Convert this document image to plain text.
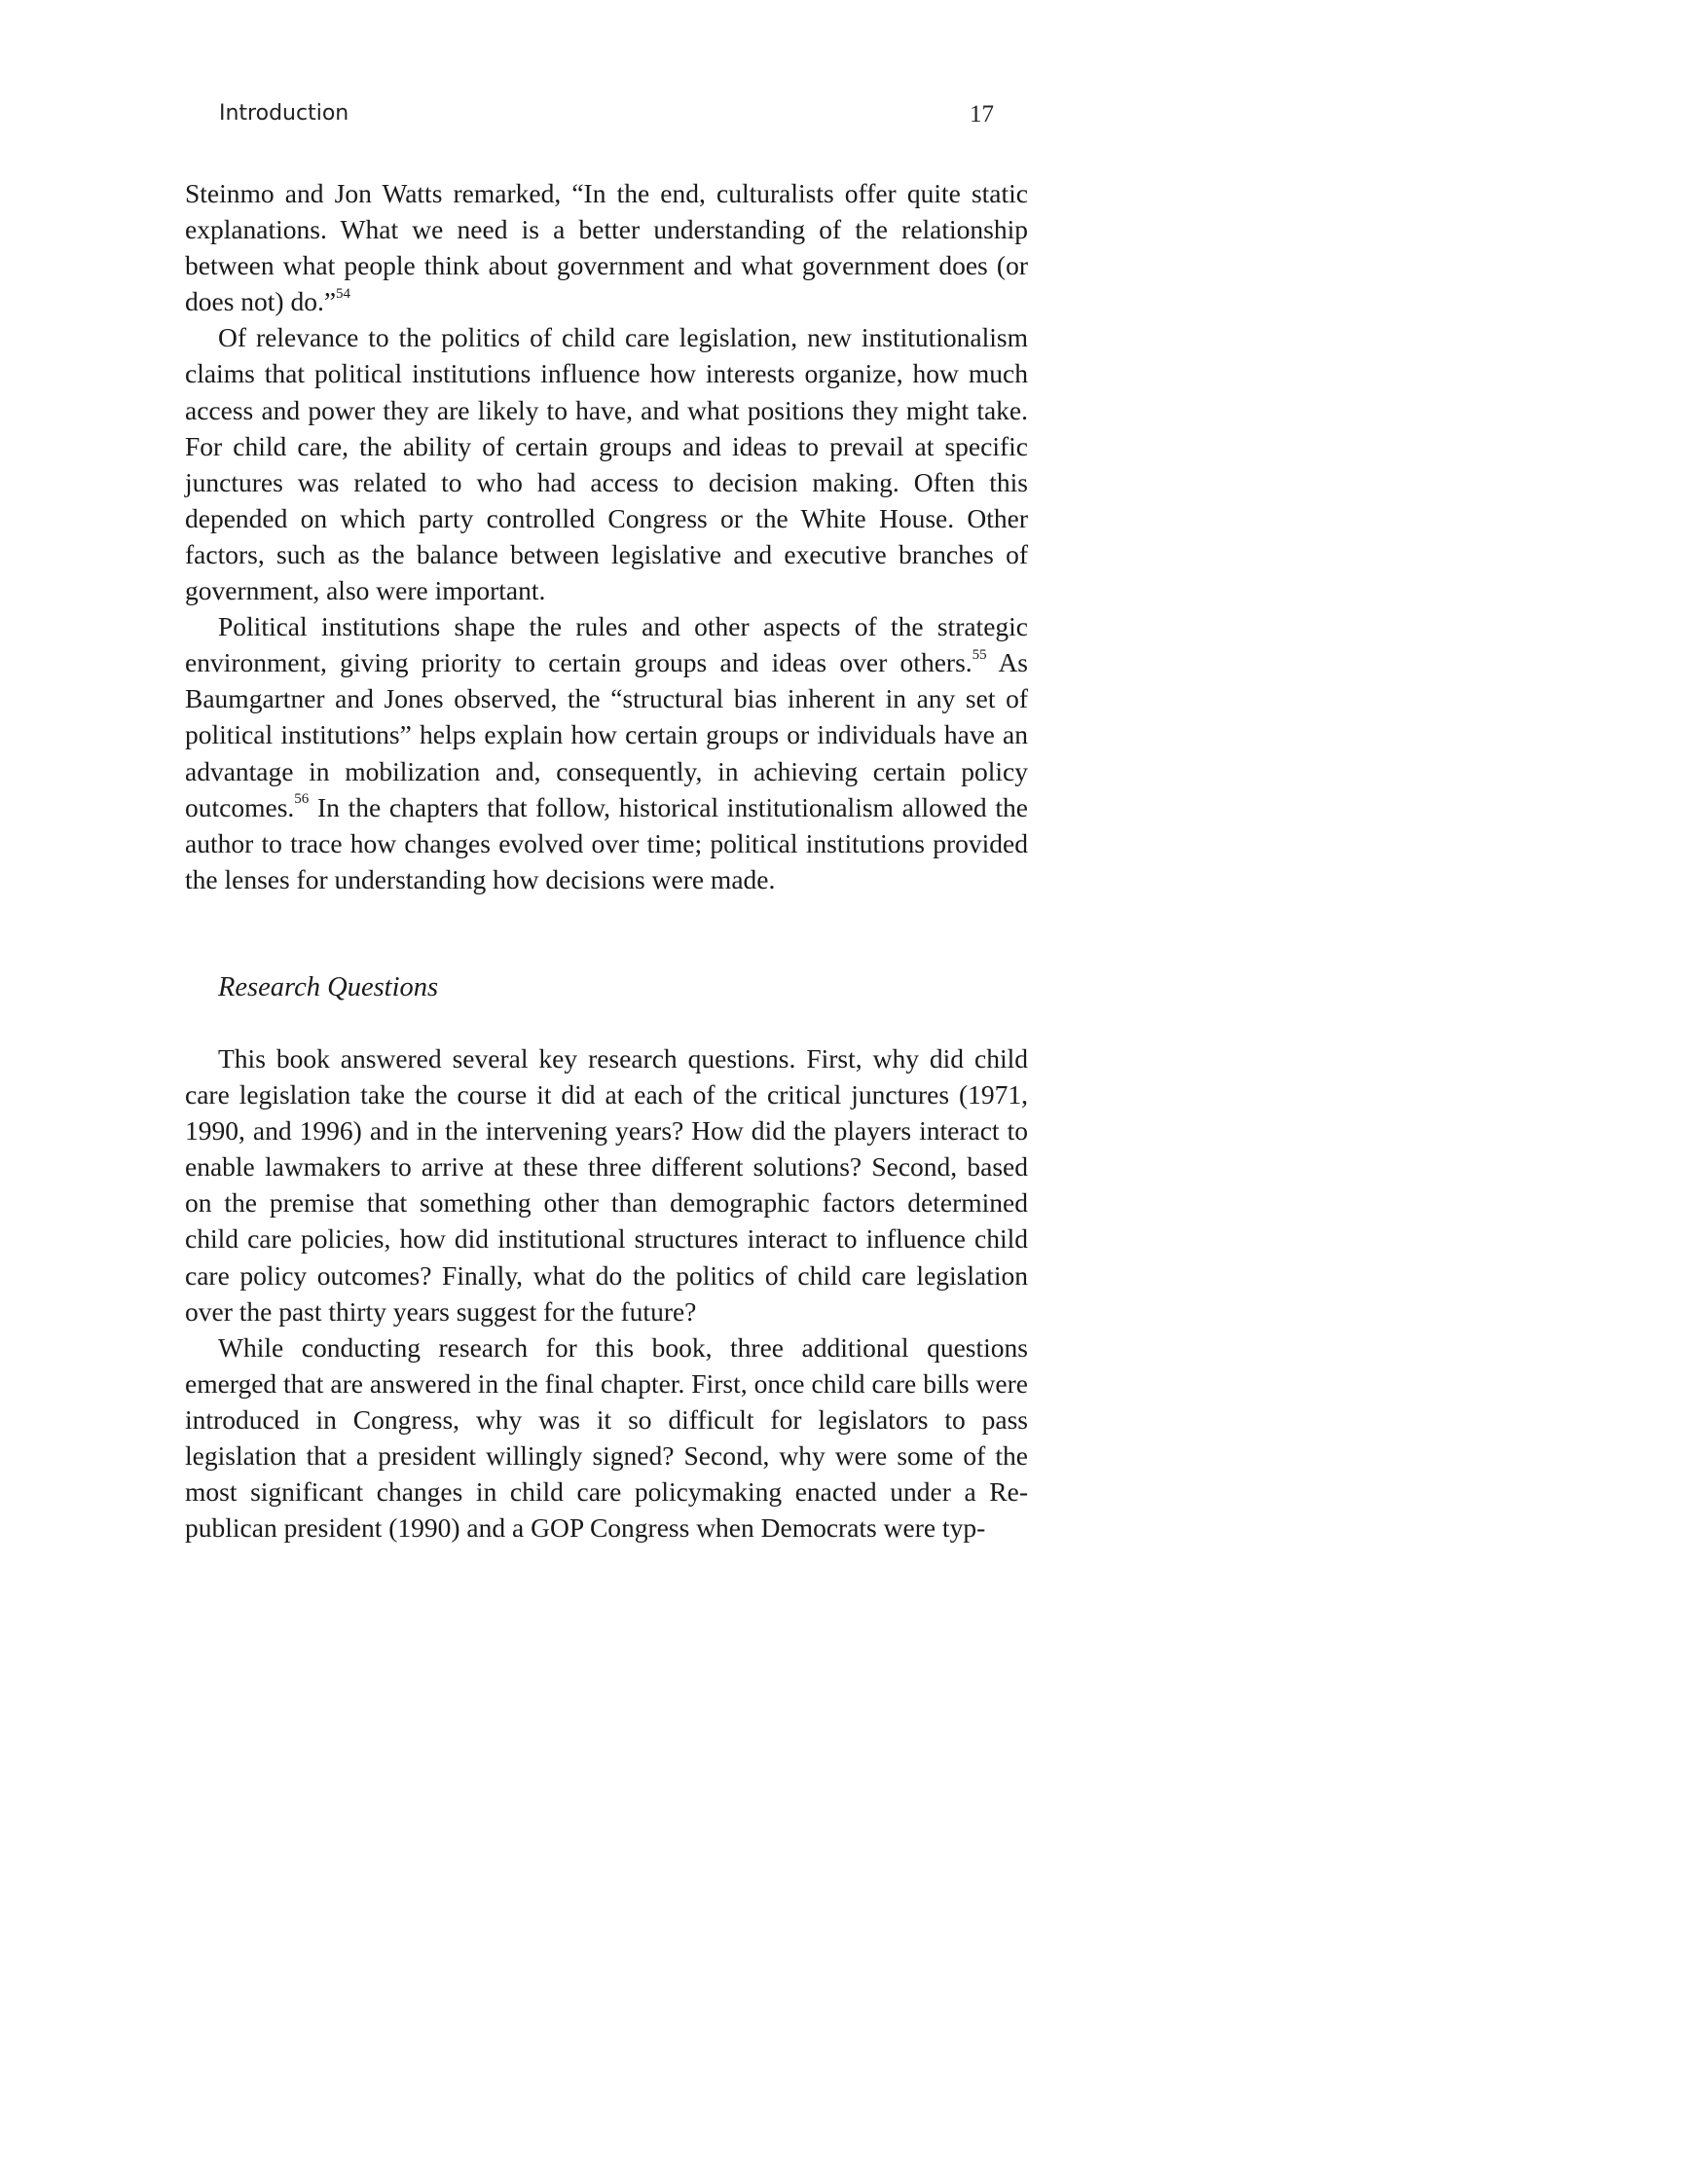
Introduction	17

Steinmo and Jon Watts remarked, “In the end, culturalists offer quite static explanations. What we need is a better understanding of the relationship between what people think about government and what government does (or does not) do.”$^{54}$

Of relevance to the politics of child care legislation, new institutionalism claims that political institutions influence how interests organize, how much access and power they are likely to have, and what positions they might take. For child care, the ability of certain groups and ideas to prevail at specific junctures was related to who had access to decision making. Often this depended on which party controlled Congress or the White House. Other factors, such as the balance between legislative and executive branches of government, also were important.

Political institutions shape the rules and other aspects of the strategic environment, giving priority to certain groups and ideas over others.$^{55}$ As Baumgartner and Jones observed, the “structural bias inherent in any set of political institutions” helps explain how certain groups or individuals have an advantage in mobilization and, consequently, in achieving certain policy outcomes.$^{56}$ In the chapters that follow, historical institutionalism allowed the author to trace how changes evolved over time; political institutions provided the lenses for understanding how decisions were made.

Research Questions

This book answered several key research questions. First, why did child care legislation take the course it did at each of the critical junctures (1971, 1990, and 1996) and in the intervening years? How did the players interact to enable lawmakers to arrive at these three different solutions? Second, based on the premise that something other than demographic factors determined child care policies, how did institutional structures interact to influence child care policy outcomes? Finally, what do the politics of child care legislation over the past thirty years suggest for the future?

While conducting research for this book, three additional questions emerged that are answered in the final chapter. First, once child care bills were introduced in Congress, why was it so difficult for legislators to pass legislation that a president willingly signed? Second, why were some of the most significant changes in child care policymaking enacted under a Republican president (1990) and a GOP Congress when Democrats were typ-
